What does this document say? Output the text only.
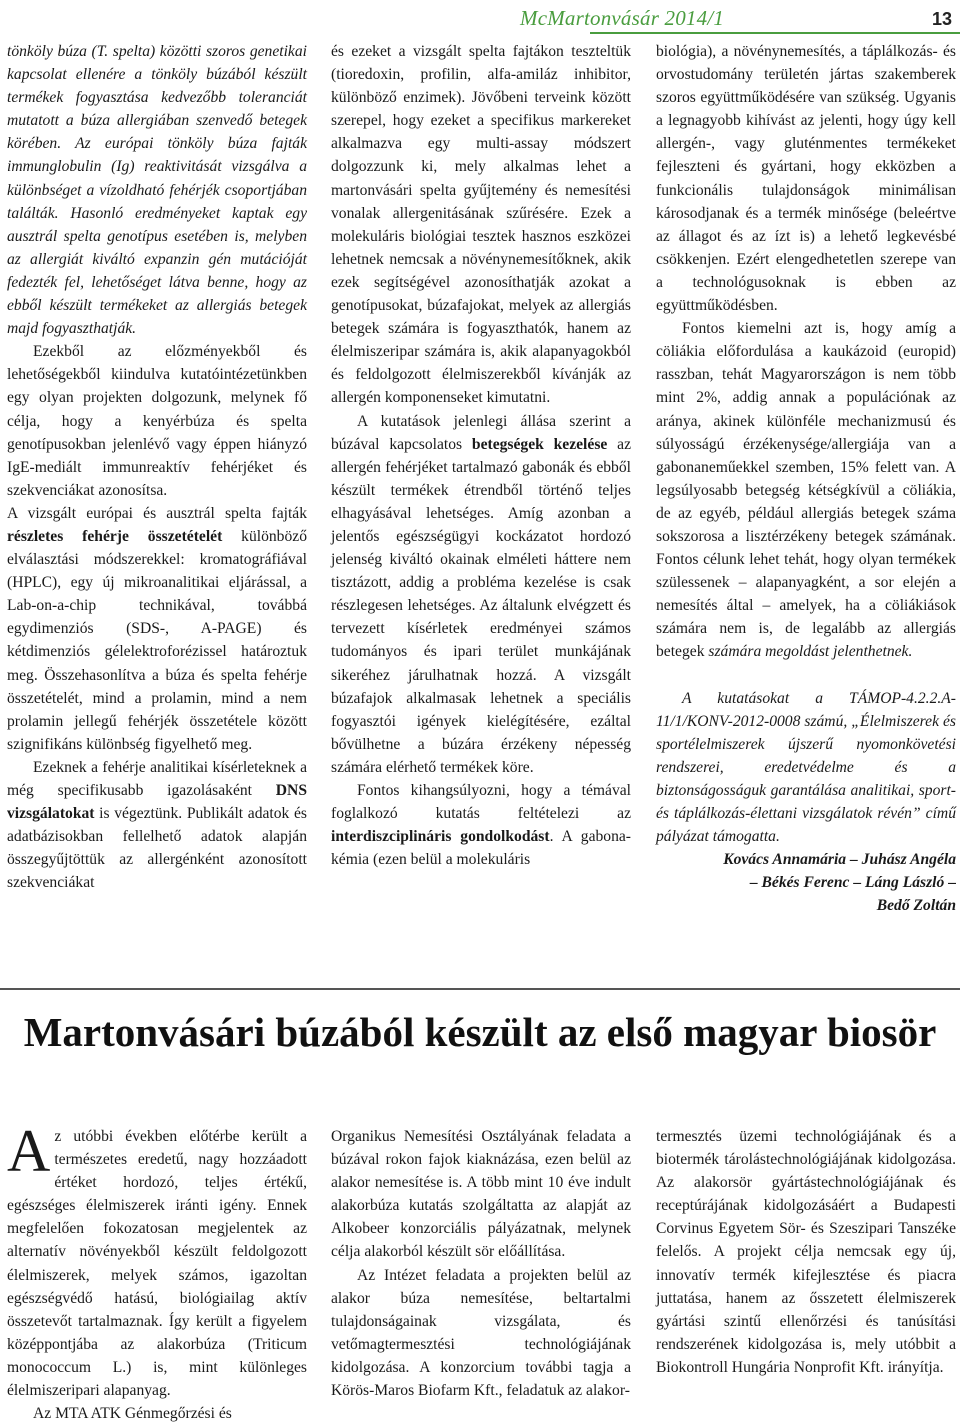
McMartonvásár 2014/1	13

tönköly búza (T. spelta) közötti szoros genetikai kapcsolat ellenére a tönköly búzából készült termékek fogyasztása kedvezőbb toleranciát mutatott a búza allergiában szenvedő betegek körében. Az európai tönköly búza fajták immunglobulin (Ig) reaktivitását vizsgálva a különbséget a vízoldható fehérjék csoportjában találták. Hasonló eredményeket kaptak egy ausztrál spelta genotípus esetében is, melyben az allergiát kiváltó expanzin gén mutációját fedezték fel, lehetőséget látva benne, hogy az ebből készült termékeket az allergiás betegek majd fogyaszthatják.

Ezekből az előzményekből és lehetőségekből kiindulva kutatóintézetünkben egy olyan projekten dolgozunk, melynek fő célja, hogy a kenyérbúza és spelta genotípusokban jelenlévő vagy éppen hiányzó IgE-mediált immunreaktív fehérjéket és szekvenciákat azonosítsa.

A vizsgált európai és ausztrál spelta fajták részletes fehérje összetételét különböző elválasztási módszerekkel: kromatográfiával (HPLC), egy új mikroanalitikai eljárással, a Lab-on-a-chip technikával, továbbá egydimenziós (SDS-, A-PAGE) és kétdimenziós gélelektroforézissel határoztuk meg. Összehasonlítva a búza és spelta fehérje összetételét, mind a prolamin, mind a nem prolamin jellegű fehérjék összetétele között szignifikáns különbség figyelhető meg.

Ezeknek a fehérje analitikai kísérleteknek a még specifikusabb igazolásaként DNS vizsgálatokat is végeztünk. Publikált adatok és adatbázisokban fellelhető adatok alapján összegyűjtöttük az allergénként azonosított szekvenciákat

és ezeket a vizsgált spelta fajtákon teszteltük (tioredoxin, profilin, alfa-amiláz inhibitor, különböző enzimek). Jövőbeni terveink között szerepel, hogy ezeket a specifikus markereket alkalmazva egy multi-assay módszert dolgozzunk ki, mely alkalmas lehet a martonvásári spelta gyűjtemény és nemesítési vonalak allergenitásának szűrésére. Ezek a molekuláris biológiai tesztek hasznos eszközei lehetnek nemcsak a növénynemesítőknek, akik ezek segítségével azonosíthatják azokat a genotípusokat, búzafajokat, melyek az allergiás betegek számára is fogyaszthatók, hanem az élelmiszeripar számára is, akik alapanyagokból és feldolgozott élelmiszerekből kívánják az allergén komponenseket kimutatni.

A kutatások jelenlegi állása szerint a búzával kapcsolatos betegségek kezelése az allergén fehérjéket tartalmazó gabonák és ebből készült termékek étrendből történő teljes elhagyásával lehetséges. Amíg azonban a jelentős egészségügyi kockázatot hordozó jelenség kiváltó okainak elméleti háttere nem tisztázott, addig a probléma kezelése is csak részlegesen lehetséges. Az általunk elvégzett és tervezett kísérletek eredményei számos tudományos és ipari terület munkájának sikeréhez járulhatnak hozzá. A vizsgált búzafajok alkalmasak lehetnek a speciális fogyasztói igények kielégítésére, ezáltal bővülhetne a búzára érzékeny népesség számára elérhető termékek köre.

Fontos kihangsúlyozni, hogy a témával foglalkozó kutatás feltételezi az interdiszciplináris gondolkodást. A gabona-kémia (ezen belül a molekuláris

biológia), a növénynemesítés, a táplálkozás- és orvostudomány területén jártas szakemberek szoros együttműködésére van szükség. Ugyanis a legnagyobb kihívást az jelenti, hogy úgy kell allergén-, vagy gluténmentes termékeket fejleszteni és gyártani, hogy ekközben a funkcionális tulajdonságok minimálisan károsodjanak és a termék minősége (beleértve az állagot és az ízt is) a lehető legkevésbé csökkenjen. Ezért elengedhetetlen szerepe van a technológusoknak is ebben az együttműködésben.

Fontos kiemelni azt is, hogy amíg a cöliákia előfordulása a kaukázoid (europid) rasszban, tehát Magyarországon is nem több mint 2%, addig annak a populációnak az aránya, akinek különféle mechanizmusú és súlyosságú érzékenysége/allergiája van a gabonaneműekkel szemben, 15% felett van. A legsúlyosabb betegség kétségkívül a cöliákia, de az egyéb, például allergiás betegek száma sokszorosa a lisztérzékeny betegek számának. Fontos célunk lehet tehát, hogy olyan termékek szülessenek – alapanyagként, a sor elején a nemesítés által – amelyek, ha a cöliákiások számára nem is, de legalább az allergiás betegek számára megoldást jelenthetnek.

A kutatásokat a TÁMOP-4.2.2.A-11/1/KONV-2012-0008 számú, „Élelmiszerek és sportélelmiszerek újszerű nyomonkövetési rendszerei, eredetvédelme és a biztonságosságuk garantálása analitikai, sport- és táplálkozás-élettani vizsgálatok révén” című pályázat támogatta.

Kovács Annamária – Juhász Angéla

– Békés Ferenc – Láng László –

Bedő Zoltán

Martonvásári búzából készült az első magyar biosör

Az utóbbi években előtérbe került a természetes eredetű, nagy hozzáadott értéket hordozó, teljes értékű, egészséges élelmiszerek iránti igény. Ennek megfelelően fokozatosan megjelentek az alternatív növényekből készült feldolgozott élelmiszerek, melyek számos, igazoltan egészségvédő hatású, biológiailag aktív összetevőt tartalmaznak. Így került a figyelem középpontjába az alakorbúza (Triticum monococcum L.) is, mint különleges élelmiszeripari alapanyag.

Az MTA ATK Génmegőrzési és

Organikus Nemesítési Osztályának feladata a búzával rokon fajok kiaknázása, ezen belül az alakor nemesítése is. A több mint 10 éve indult alakorbúza kutatás szolgáltatta az alapját az Alkobeer konzorciális pályázatnak, melynek célja alakorból készült sör előállítása.

Az Intézet feladata a projekten belül az alakor búza nemesítése, beltartalmi tulajdonságainak vizsgálata, és vetőmagtermesztési technológiájának kidolgozása. A konzorcium további tagja a Körös-Maros Biofarm Kft., feladatuk az alakor-

termesztés üzemi technológiájának és a biotermék tárolástechnológiájának kidolgozása. Az alakorsör gyártástechnológiájának és receptúrájának kidolgozásáért a Budapesti Corvinus Egyetem Sör- és Szeszipari Tanszéke felelős. A projekt célja nemcsak egy új, innovatív termék kifejlesztése és piacra juttatása, hanem az ősszetett élelmiszerek gyártási szintű ellenőrzési és tanúsítási rendszerének kidolgozása is, mely utóbbit a Biokontroll Hungária Nonprofit Kft. irányítja.
